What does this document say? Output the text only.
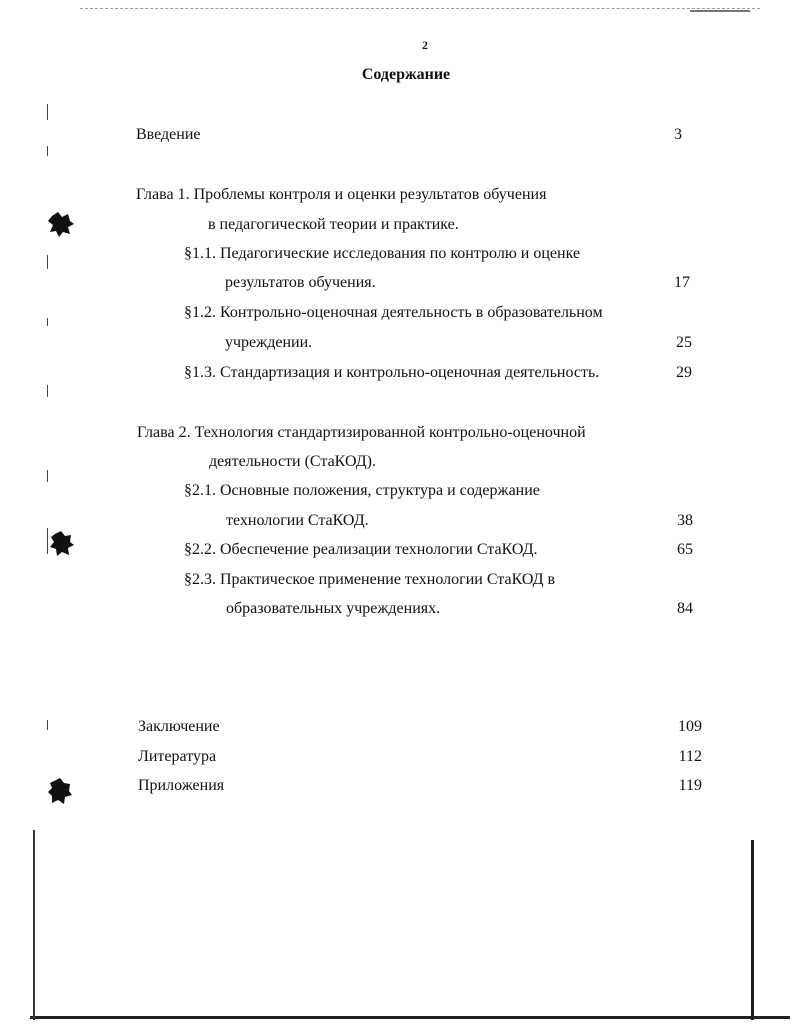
2
Содержание
Введение	3
Глава 1. Проблемы контроля и оценки результатов обучения
в педагогической теории и практике.
§1.1. Педагогические исследования по контролю и оценке
результатов обучения.	17
§1.2. Контрольно-оценочная деятельность в образовательном
учреждении.	25
§1.3. Стандартизация и контрольно-оценочная деятельность.	29
Глава 2. Технология стандартизированной контрольно-оценочной
деятельности (СтаКОД).
§2.1. Основные положения, структура и содержание
технологии СтаКОД.	38
§2.2. Обеспечение реализации технологии СтаКОД.	65
§2.3. Практическое применение технологии СтаКОД в
образовательных учреждениях.	84
Заключение	109
Литература	112
Приложения	119
